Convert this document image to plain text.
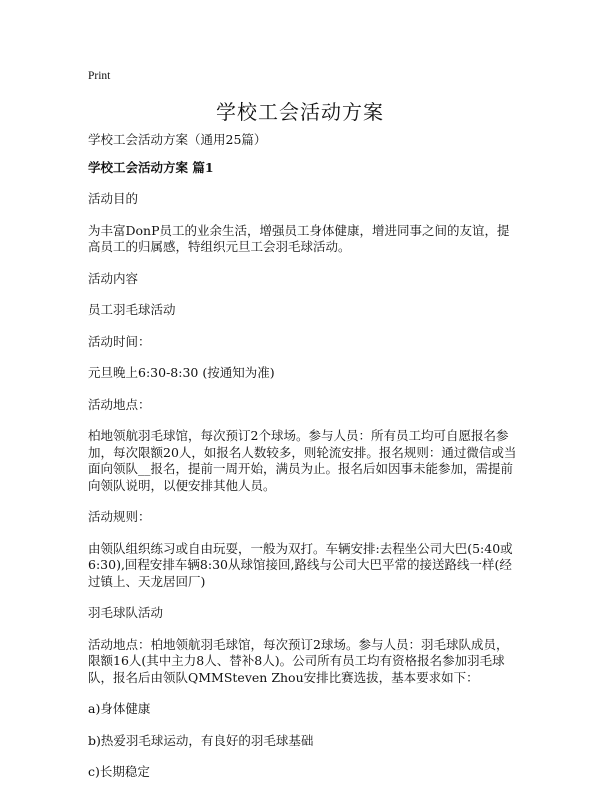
Print
学校工会活动方案

学校工会活动方案（通用25篇）

学校工会活动方案 篇1

活动目的

为丰富DonP员工的业余生活，增强员工身体健康，增进同事之间的友谊，提高员工的归属感，特组织元旦工会羽毛球活动。

活动内容

员工羽毛球活动

活动时间：

元旦晚上6:30-8:30 (按通知为准)

活动地点：

柏地领航羽毛球馆，每次预订2个球场。参与人员：所有员工均可自愿报名参加，每次限额20人，如报名人数较多，则轮流安排。报名规则：通过微信或当面向领队__报名，提前一周开始，满员为止。报名后如因事未能参加，需提前向领队说明，以便安排其他人员。

活动规则：

由领队组织练习或自由玩耍，一般为双打。车辆安排:去程坐公司大巴(5:40或6:30),回程安排车辆8:30从球馆接回,路线与公司大巴平常的接送路线一样(经过镇上、天龙居回厂)

羽毛球队活动

活动地点：柏地领航羽毛球馆，每次预订2球场。参与人员：羽毛球队成员，限额16人(其中主力8人、替补8人)。公司所有员工均有资格报名参加羽毛球队，报名后由领队QMMSteven Zhou安排比赛选拔，基本要求如下：

a)身体健康

b)热爱羽毛球运动，有良好的羽毛球基础

c)长期稳定
